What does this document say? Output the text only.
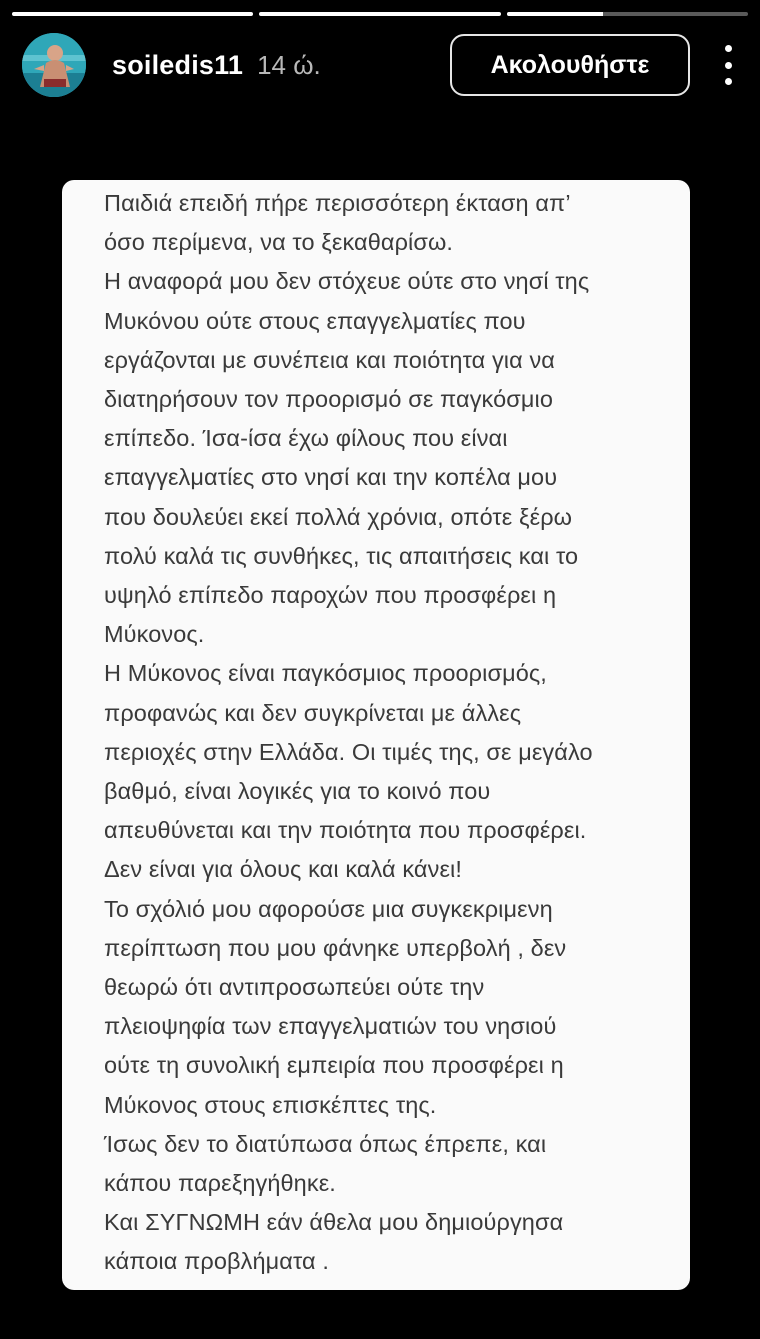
soiledis11 14 ώ.	Ακολουθήστε
Παιδιά επειδή πήρε περισσότερη έκταση απ’
όσο περίμενα, να το ξεκαθαρίσω.
Η αναφορά μου δεν στόχευε ούτε στο νησί της
Μυκόνου ούτε στους επαγγελματίες που
εργάζονται με συνέπεια και ποιότητα για να
διατηρήσουν τον προορισμό σε παγκόσμιο
επίπεδο. Ίσα-ίσα έχω φίλους που είναι
επαγγελματίες στο νησί και την κοπέλα μου
που δουλεύει εκεί πολλά χρόνια, οπότε ξέρω
πολύ καλά τις συνθήκες, τις απαιτήσεις και το
υψηλό επίπεδο παροχών που προσφέρει η
Μύκονος.
Η Μύκονος είναι παγκόσμιος προορισμός,
προφανώς και δεν συγκρίνεται με άλλες
περιοχές στην Ελλάδα. Οι τιμές της, σε μεγάλο
βαθμό, είναι λογικές για το κοινό που
απευθύνεται και την ποιότητα που προσφέρει.
Δεν είναι για όλους και καλά κάνει!
Το σχόλιό μου αφορούσε μια συγκεκριμενη
περίπτωση που μου φάνηκε υπερβολή , δεν
θεωρώ ότι αντιπροσωπεύει ούτε την
πλειοψηφία των επαγγελματιών του νησιού
ούτε τη συνολική εμπειρία που προσφέρει η
Μύκονος στους επισκέπτες της.
Ίσως δεν το διατύπωσα όπως έπρεπε, και
κάπου παρεξηγήθηκε.
Και ΣΥΓΝΩΜΗ εάν άθελα μου δημιούργησα
κάποια προβλήματα .
